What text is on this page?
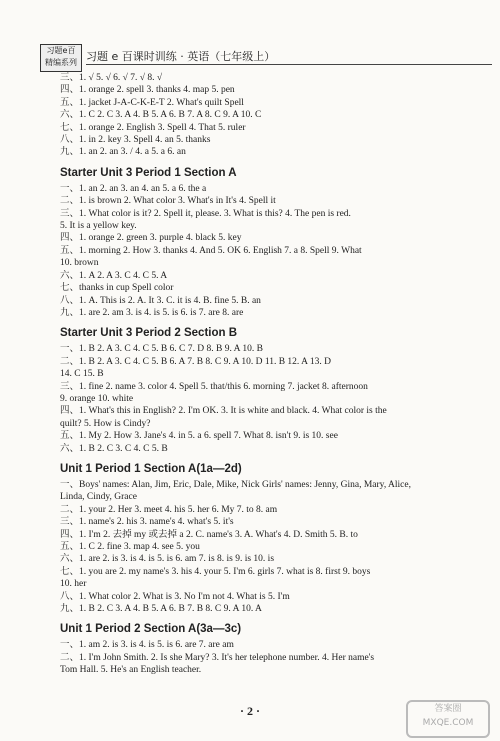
习题e百
精编系列 习题 e 百课时训练 · 英语（七年级上）
三、1. √ 5. √ 6. √ 7. √ 8. √
四、1. orange 2. spell 3. thanks 4. map 5. pen
五、1. jacket J-A-C-K-E-T 2. What's quilt Spell
六、1. C 2. C 3. A 4. B 5. A 6. B 7. A 8. C 9. A 10. C
七、1. orange 2. English 3. Spell 4. That 5. ruler
八、1. in 2. key 3. Spell 4. an 5. thanks
九、1. an 2. an 3. / 4. a 5. a 6. an
Starter Unit 3 Period 1 Section A
一、1. an 2. an 3. an 4. an 5. a 6. the a
二、1. is brown 2. What color 3. What's in It's 4. Spell it
三、1. What color is it? 2. Spell it, please. 3. What is this? 4. The pen is red.
5. It is a yellow key.
四、1. orange 2. green 3. purple 4. black 5. key
五、1. morning 2. How 3. thanks 4. And 5. OK 6. English 7. a 8. Spell 9. What
10. brown
六、1. A 2. A 3. C 4. C 5. A
七、thanks in cup Spell color
八、1. A. This is 2. A. It 3. C. it is 4. B. fine 5. B. an
九、1. are 2. am 3. is 4. is 5. is 6. is 7. are 8. are
Starter Unit 3 Period 2 Section B
一、1. B 2. A 3. C 4. C 5. B 6. C 7. D 8. B 9. A 10. B
二、1. B 2. A 3. C 4. C 5. B 6. A 7. B 8. C 9. A 10. D 11. B 12. A 13. D
14. C 15. B
三、1. fine 2. name 3. color 4. Spell 5. that/this 6. morning 7. jacket 8. afternoon
9. orange 10. white
四、1. What's this in English? 2. I'm OK. 3. It is white and black. 4. What color is the
quilt? 5. How is Cindy?
五、1. My 2. How 3. Jane's 4. in 5. a 6. spell 7. What 8. isn't 9. is 10. see
六、1. B 2. C 3. C 4. C 5. B
Unit 1 Period 1 Section A(1a—2d)
一、Boys' names: Alan, Jim, Eric, Dale, Mike, Nick Girls' names: Jenny, Gina, Mary, Alice,
Linda, Cindy, Grace
二、1. your 2. Her 3. meet 4. his 5. her 6. My 7. to 8. am
三、1. name's 2. his 3. name's 4. what's 5. it's
四、1. I'm 2. 去掉 my 或去掉 a 2. C. name's 3. A. What's 4. D. Smith 5. B. to
五、1. C 2. fine 3. map 4. see 5. you
六、1. are 2. is 3. is 4. is 5. is 6. am 7. is 8. is 9. is 10. is
七、1. you are 2. my name's 3. his 4. your 5. I'm 6. girls 7. what is 8. first 9. boys
10. her
八、1. What color 2. What is 3. No I'm not 4. What is 5. I'm
九、1. B 2. C 3. A 4. B 5. A 6. B 7. B 8. C 9. A 10. A
Unit 1 Period 2 Section A(3a—3c)
一、1. am 2. is 3. is 4. is 5. is 6. are 7. are am
二、1. I'm John Smith. 2. Is she Mary? 3. It's her telephone number. 4. Her name's
Tom Hall. 5. He's an English teacher.
· 2 ·	答案圈
MXQE.COM
